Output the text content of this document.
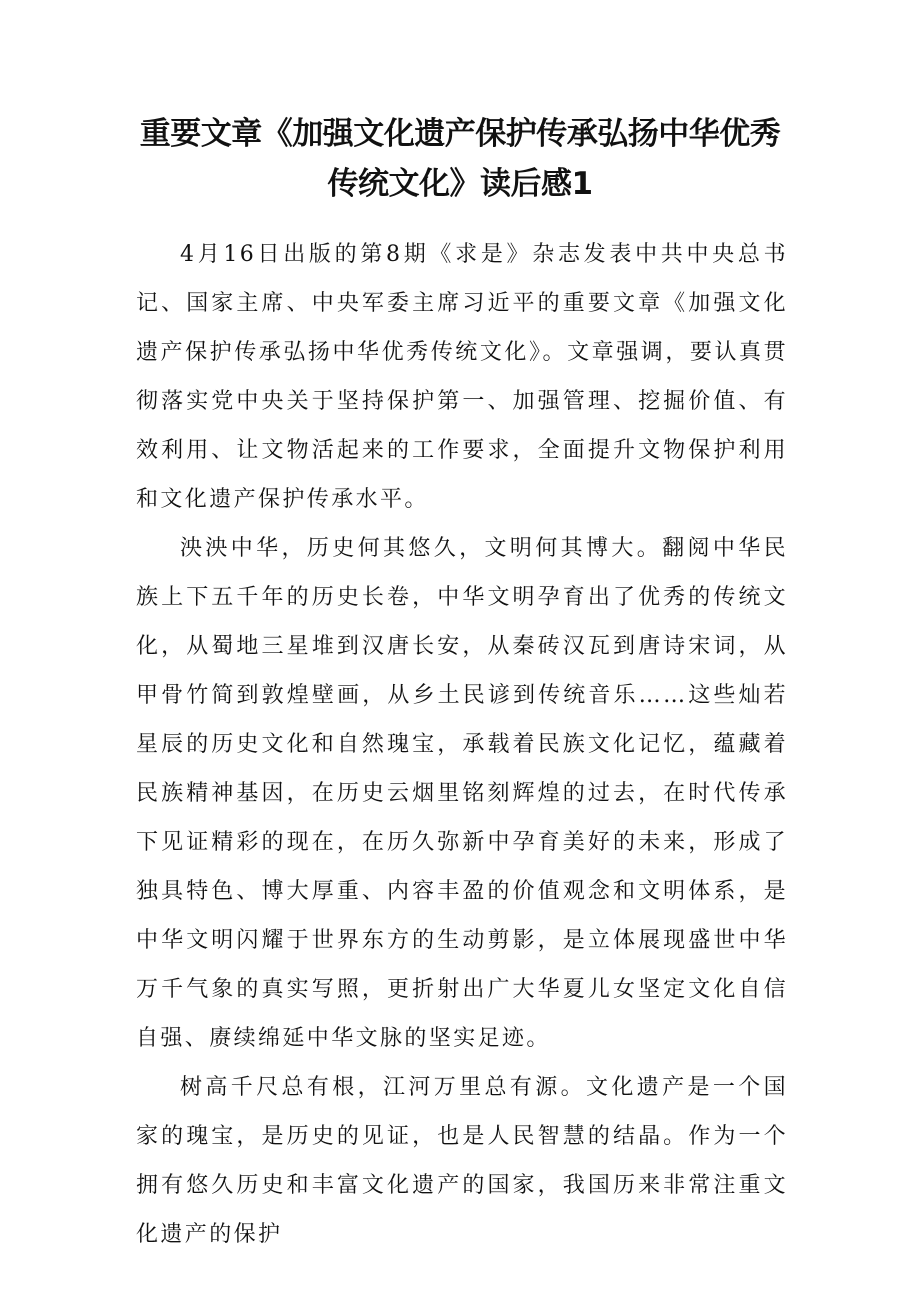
重要文章《加强文化遗产保护传承弘扬中华优秀
传统文化》读后感1

4月16日出版的第8期《求是》杂志发表中共中央总书记、国家主席、中央军委主席习近平的重要文章《加强文化遗产保护传承弘扬中华优秀传统文化》。文章强调，要认真贯彻落实党中央关于坚持保护第一、加强管理、挖掘价值、有效利用、让文物活起来的工作要求，全面提升文物保护利用和文化遗产保护传承水平。

泱泱中华，历史何其悠久，文明何其博大。翻阅中华民族上下五千年的历史长卷，中华文明孕育出了优秀的传统文化，从蜀地三星堆到汉唐长安，从秦砖汉瓦到唐诗宋词，从甲骨竹简到敦煌壁画，从乡土民谚到传统音乐……这些灿若星辰的历史文化和自然瑰宝，承载着民族文化记忆，蕴藏着民族精神基因，在历史云烟里铭刻辉煌的过去，在时代传承下见证精彩的现在，在历久弥新中孕育美好的未来，形成了独具特色、博大厚重、内容丰盈的价值观念和文明体系，是中华文明闪耀于世界东方的生动剪影，是立体展现盛世中华万千气象的真实写照，更折射出广大华夏儿女坚定文化自信自强、赓续绵延中华文脉的坚实足迹。

树高千尺总有根，江河万里总有源。文化遗产是一个国家的瑰宝，是历史的见证，也是人民智慧的结晶。作为一个拥有悠久历史和丰富文化遗产的国家，我国历来非常注重文化遗产的保护
